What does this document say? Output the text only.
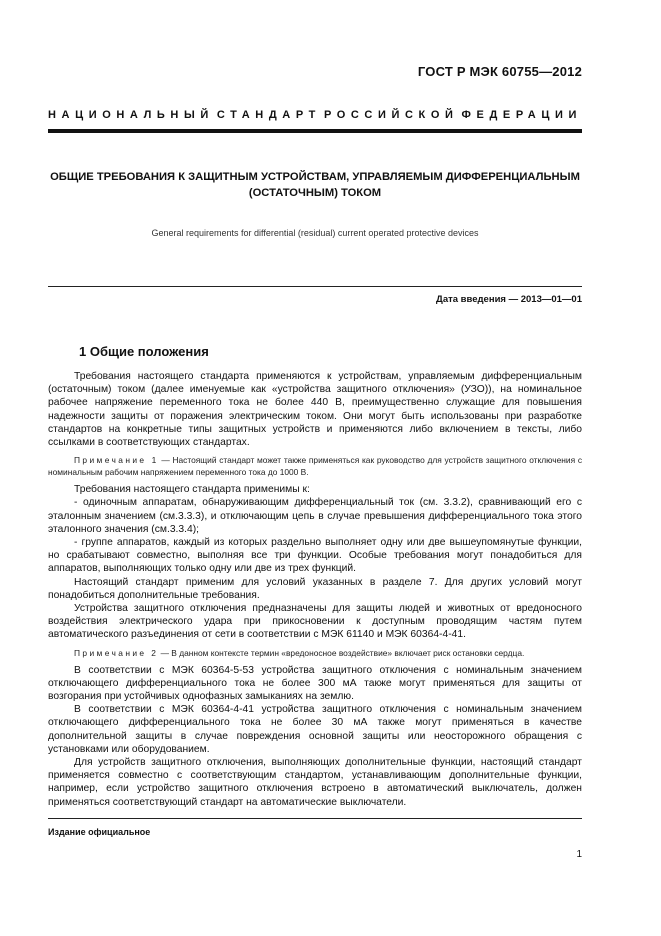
ГОСТ Р МЭК 60755—2012
НАЦИОНАЛЬНЫЙ СТАНДАРТ РОССИЙСКОЙ ФЕДЕРАЦИИ
ОБЩИЕ ТРЕБОВАНИЯ К ЗАЩИТНЫМ УСТРОЙСТВАМ, УПРАВЛЯЕМЫМ ДИФФЕРЕНЦИАЛЬНЫМ
(ОСТАТОЧНЫМ) ТОКОМ
General requirements for differential (residual) current operated protective devices
Дата введения — 2013—01—01
1 Общие положения

Требования настоящего стандарта применяются к устройствам, управляемым дифференциальным (остаточным) током (далее именуемые как «устройства защитного отключения» (УЗО)), на номинальное рабочее напряжение переменного тока не более 440 В, преимущественно служащие для повышения надежности защиты от поражения электрическим током. Они могут быть использованы при разработке стандартов на конкретные типы защитных устройств и применяются либо включением в тексты, либо ссылками в соответствующих стандартах.

Примечание 1 — Настоящий стандарт может также применяться как руководство для устройств защитного отключения с номинальным рабочим напряжением переменного тока до 1000 В.

Требования настоящего стандарта применимы к:

- одиночным аппаратам, обнаруживающим дифференциальный ток (см. 3.3.2), сравнивающий его с эталонным значением (см.3.3.3), и отключающим цепь в случае превышения дифференциального тока этого эталонного значения (см.3.3.4);

- группе аппаратов, каждый из которых раздельно выполняет одну или две вышеупомянутые функции, но срабатывают совместно, выполняя все три функции. Особые требования могут понадобиться для аппаратов, выполняющих только одну или две из трех функций.

Настоящий стандарт применим для условий указанных в разделе 7. Для других условий могут понадобиться дополнительные требования.

Устройства защитного отключения предназначены для защиты людей и животных от вредоносного воздействия электрического удара при прикосновении к доступным проводящим частям путем автоматического разъединения от сети в соответствии с МЭК 61140 и МЭК 60364-4-41.

Примечание 2 — В данном контексте термин «вредоносное воздействие» включает риск остановки сердца.

В соответствии с МЭК 60364-5-53 устройства защитного отключения с номинальным значением отключающего дифференциального тока не более 300 мА также могут применяться для защиты от возгорания при устойчивых однофазных замыканиях на землю.

В соответствии с МЭК 60364-4-41 устройства защитного отключения с номинальным значением отключающего дифференциального тока не более 30 мА также могут применяться в качестве дополнительной защиты в случае повреждения основной защиты или неосторожного обращения с установками или оборудованием.

Для устройств защитного отключения, выполняющих дополнительные функции, настоящий стандарт применяется совместно с соответствующим стандартом, устанавливающим дополнительные функции, например, если устройство защитного отключения встроено в автоматический выключатель, должен применяться соответствующий стандарт на автоматические выключатели.

Издание официальное
1
